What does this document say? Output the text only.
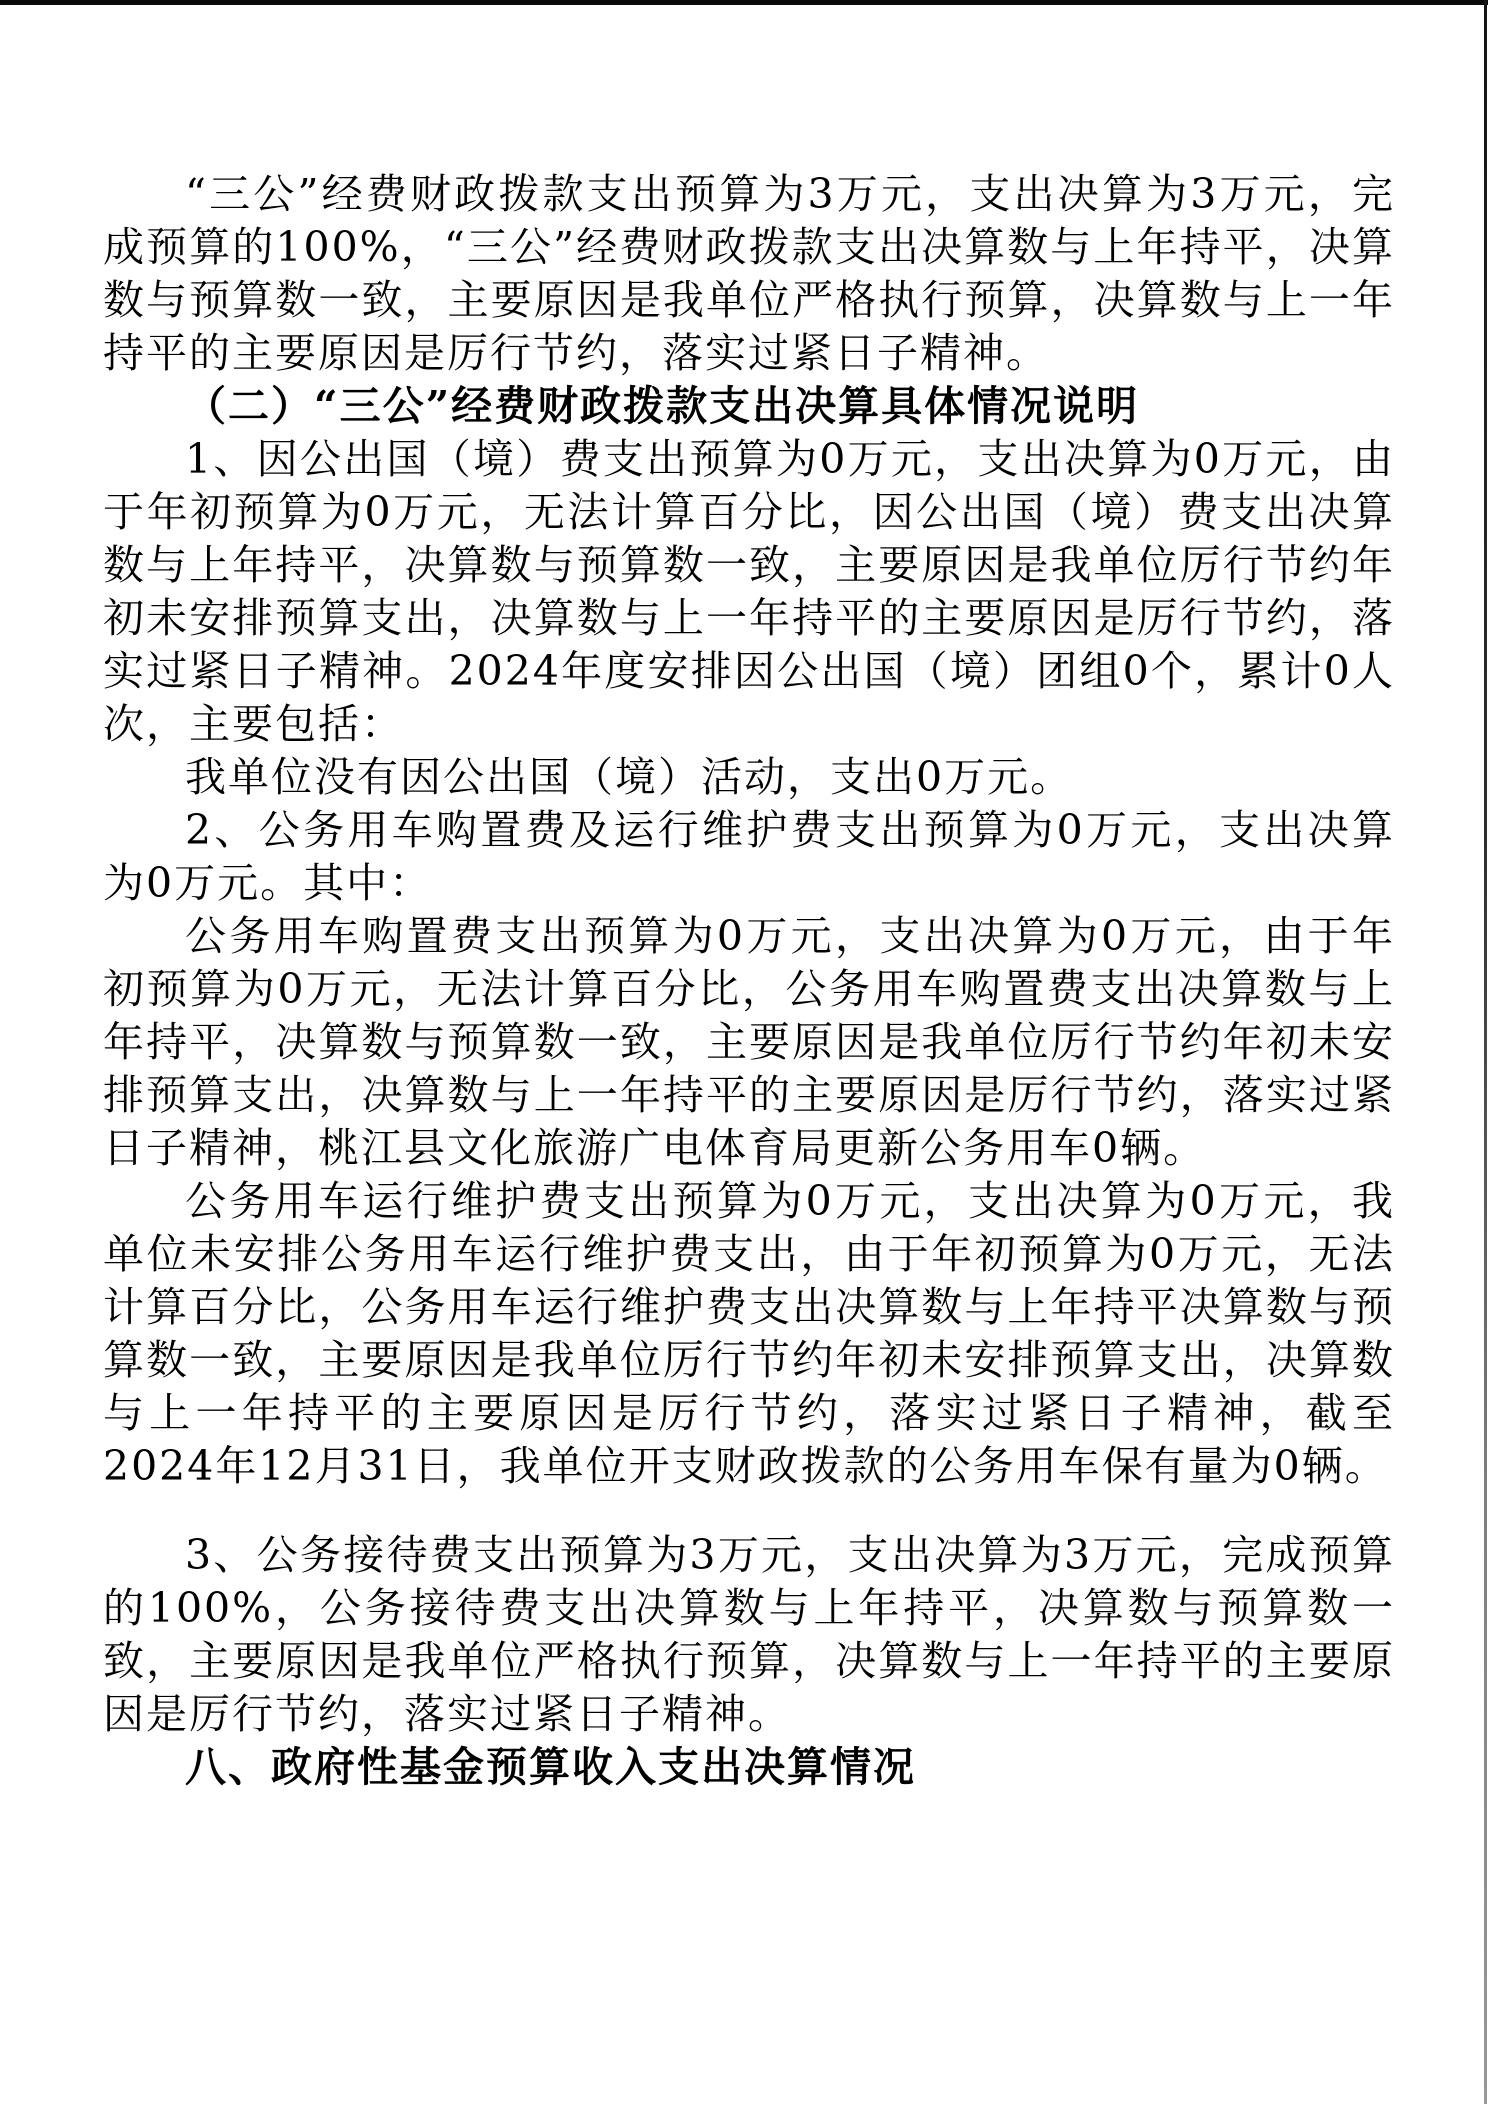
“三公”经费财政拨款支出预算为3万元，支出决算为3万元，完成预算的100%，“三公”经费财政拨款支出决算数与上年持平，决算数与预算数一致，主要原因是我单位严格执行预算，决算数与上一年持平的主要原因是厉行节约，落实过紧日子精神。

（二）“三公”经费财政拨款支出决算具体情况说明

1、因公出国（境）费支出预算为0万元，支出决算为0万元，由于年初预算为0万元，无法计算百分比，因公出国（境）费支出决算数与上年持平，决算数与预算数一致，主要原因是我单位厉行节约年初未安排预算支出，决算数与上一年持平的主要原因是厉行节约，落实过紧日子精神。2024年度安排因公出国（境）团组0个，累计0人次，主要包括：

我单位没有因公出国（境）活动，支出0万元。

2、公务用车购置费及运行维护费支出预算为0万元，支出决算为0万元。其中：

公务用车购置费支出预算为0万元，支出决算为0万元，由于年初预算为0万元，无法计算百分比，公务用车购置费支出决算数与上年持平，决算数与预算数一致，主要原因是我单位厉行节约年初未安排预算支出，决算数与上一年持平的主要原因是厉行节约，落实过紧日子精神，桃江县文化旅游广电体育局更新公务用车0辆。

公务用车运行维护费支出预算为0万元，支出决算为0万元，我单位未安排公务用车运行维护费支出，由于年初预算为0万元，无法计算百分比，公务用车运行维护费支出决算数与上年持平决算数与预算数一致，主要原因是我单位厉行节约年初未安排预算支出，决算数与上一年持平的主要原因是厉行节约，落实过紧日子精神，截至2024年12月31日，我单位开支财政拨款的公务用车保有量为0辆。

3、公务接待费支出预算为3万元，支出决算为3万元，完成预算的100%，公务接待费支出决算数与上年持平，决算数与预算数一致，主要原因是我单位严格执行预算，决算数与上一年持平的主要原因是厉行节约，落实过紧日子精神。

八、政府性基金预算收入支出决算情况
